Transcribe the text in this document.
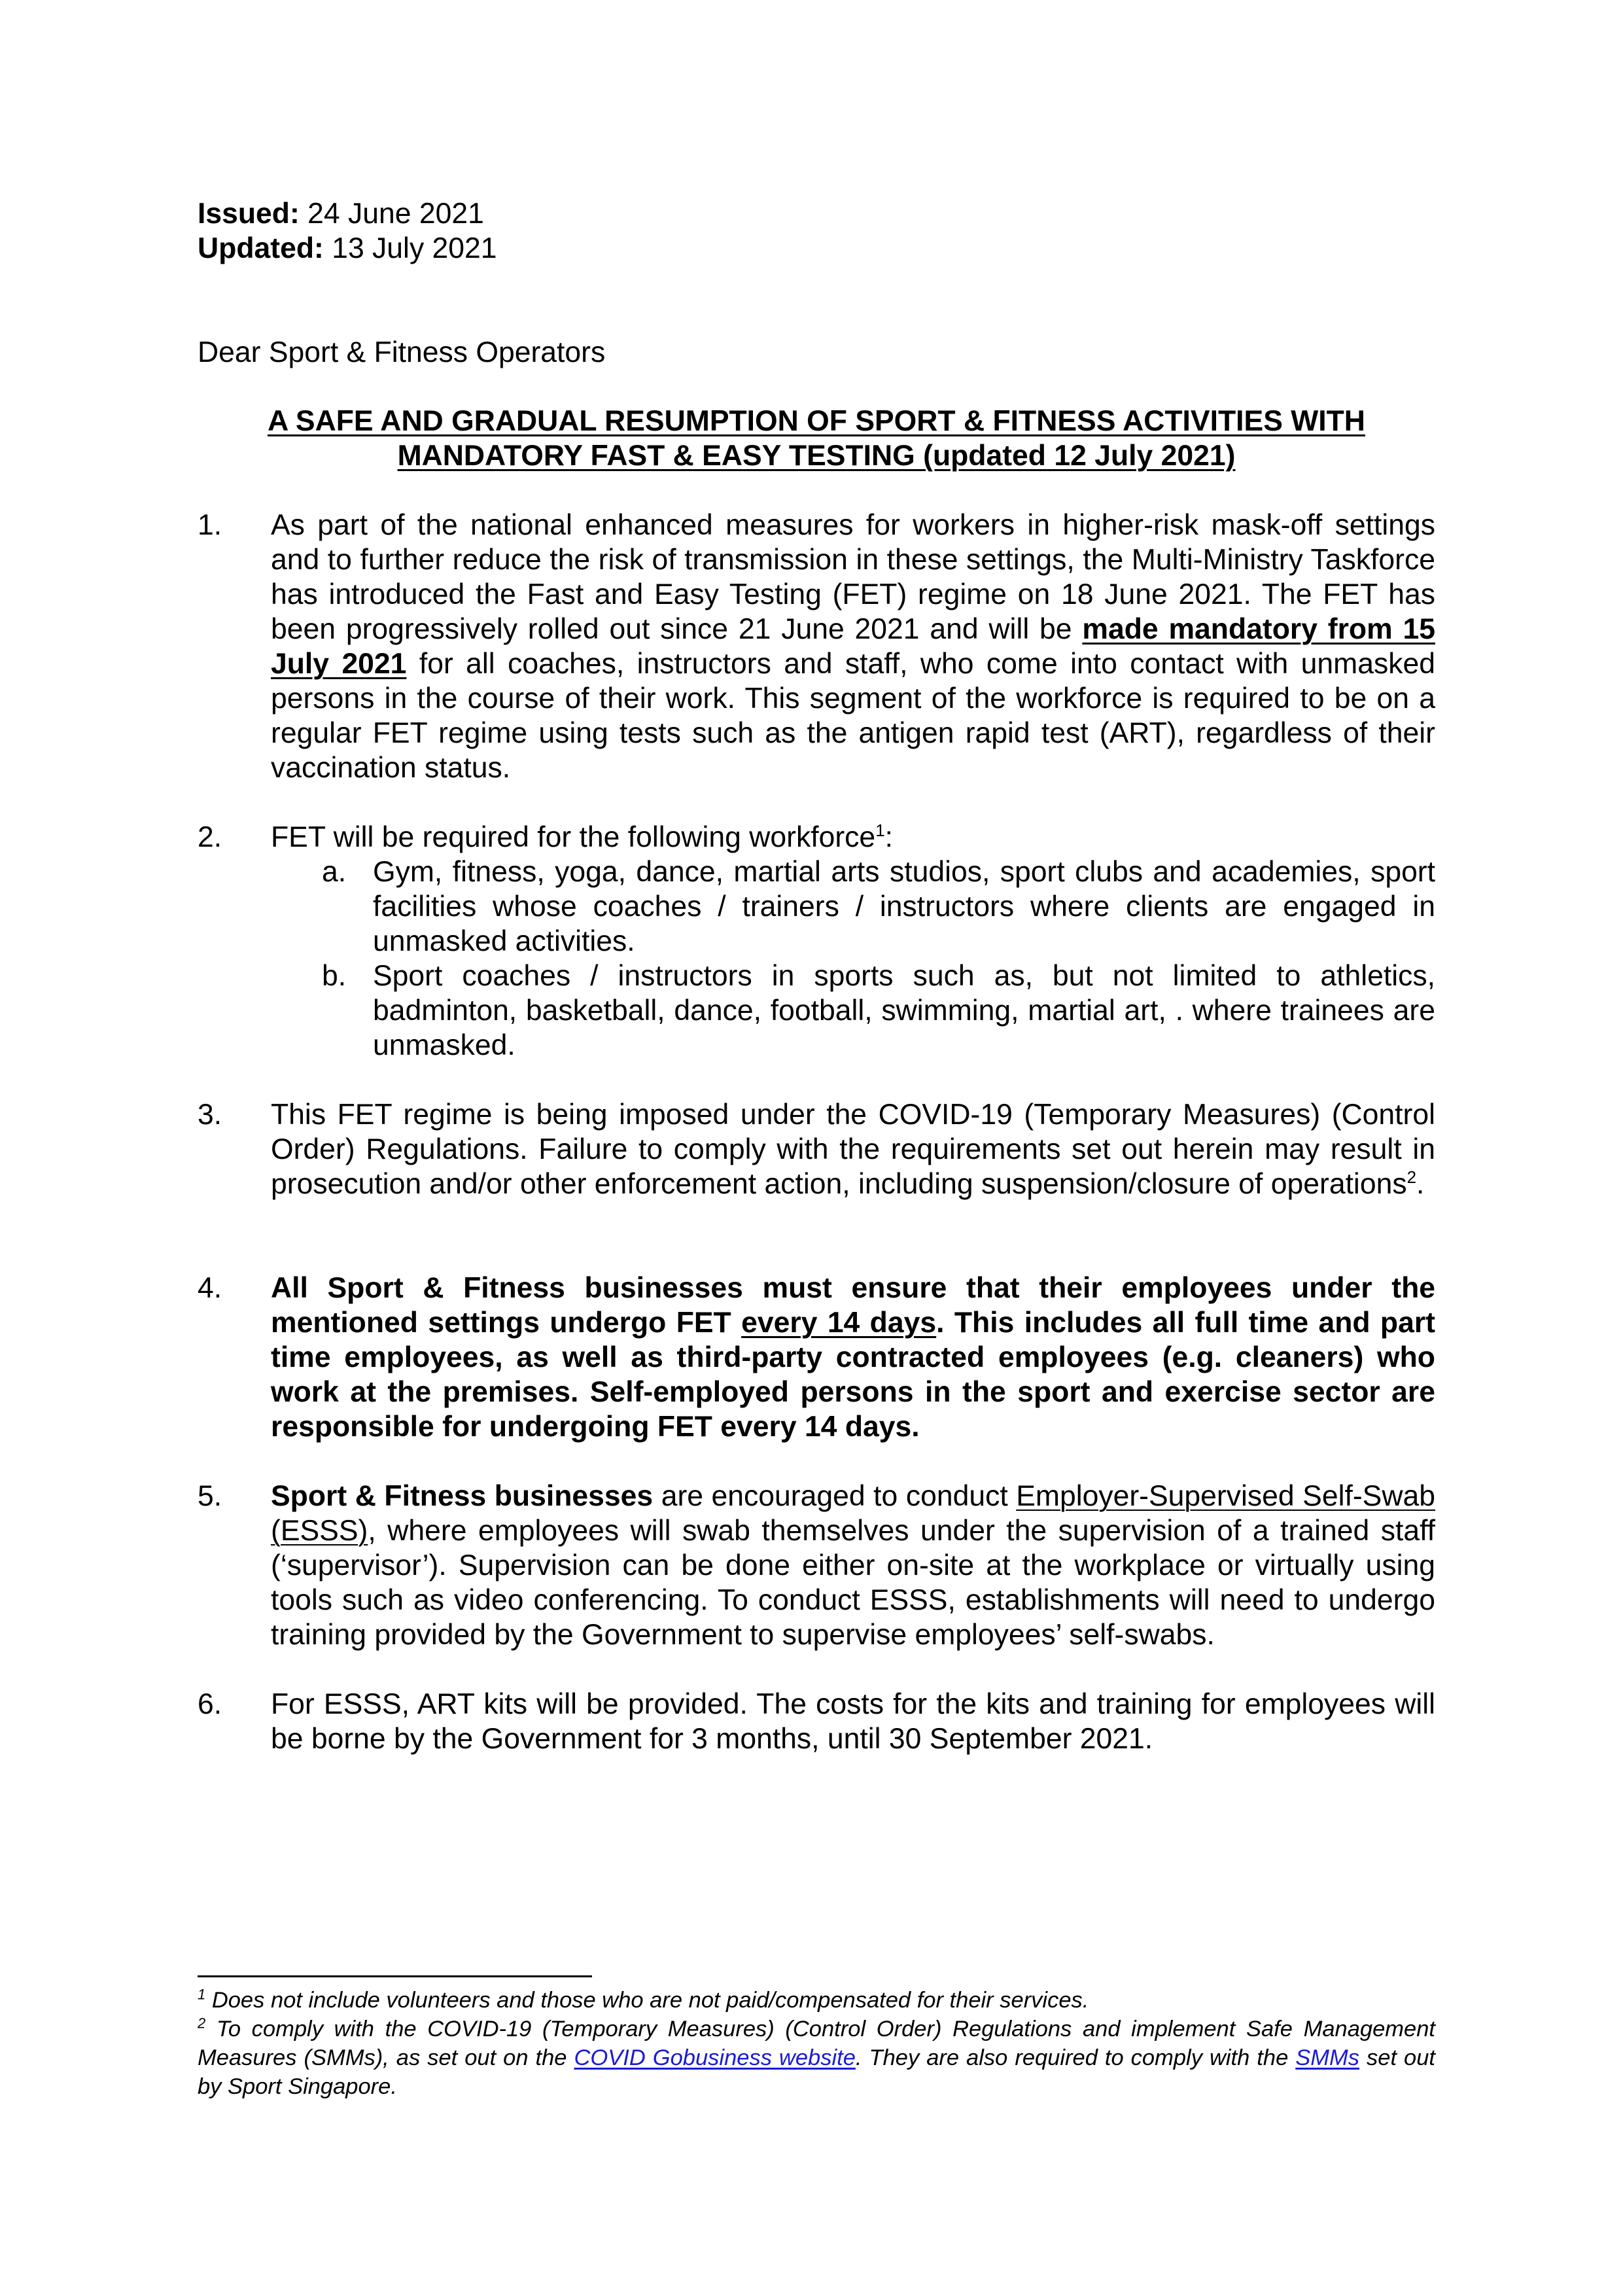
Issued: 24 June 2021
Updated: 13 July 2021
Dear Sport & Fitness Operators
A SAFE AND GRADUAL RESUMPTION OF SPORT & FITNESS ACTIVITIES WITH
MANDATORY FAST & EASY TESTING (updated 12 July 2021)
1.	As part of the national enhanced measures for workers in higher-risk mask-off settings and to further reduce the risk of transmission in these settings, the Multi-Ministry Taskforce has introduced the Fast and Easy Testing (FET) regime on 18 June 2021. The FET has been progressively rolled out since 21 June 2021 and will be made mandatory from 15 July 2021 for all coaches, instructors and staff, who come into contact with unmasked persons in the course of their work. This segment of the workforce is required to be on a regular FET regime using tests such as the antigen rapid test (ART), regardless of their vaccination status.
2.	FET will be required for the following workforce$^1$:
a. Gym, fitness, yoga, dance, martial arts studios, sport clubs and academies, sport facilities whose coaches / trainers / instructors where clients are engaged in unmasked activities.
b. Sport coaches / instructors in sports such as, but not limited to athletics, badminton, basketball, dance, football, swimming, martial art, . where trainees are unmasked.
3.	This FET regime is being imposed under the COVID-19 (Temporary Measures) (Control Order) Regulations. Failure to comply with the requirements set out herein may result in prosecution and/or other enforcement action, including suspension/closure of operations$^2$.
4.	All Sport & Fitness businesses must ensure that their employees under the mentioned settings undergo FET every 14 days. This includes all full time and part time employees, as well as third-party contracted employees (e.g. cleaners) who work at the premises. Self-employed persons in the sport and exercise sector are responsible for undergoing FET every 14 days.
5.	Sport & Fitness businesses are encouraged to conduct Employer-Supervised Self-Swab (ESSS), where employees will swab themselves under the supervision of a trained staff (‘supervisor’). Supervision can be done either on-site at the workplace or virtually using tools such as video conferencing. To conduct ESSS, establishments will need to undergo training provided by the Government to supervise employees’ self-swabs.
6.	For ESSS, ART kits will be provided. The costs for the kits and training for employees will be borne by the Government for 3 months, until 30 September 2021.
$^1$ Does not include volunteers and those who are not paid/compensated for their services.
$^2$ To comply with the COVID-19 (Temporary Measures) (Control Order) Regulations and implement Safe Management Measures (SMMs), as set out on the COVID Gobusiness website. They are also required to comply with the SMMs set out by Sport Singapore.
